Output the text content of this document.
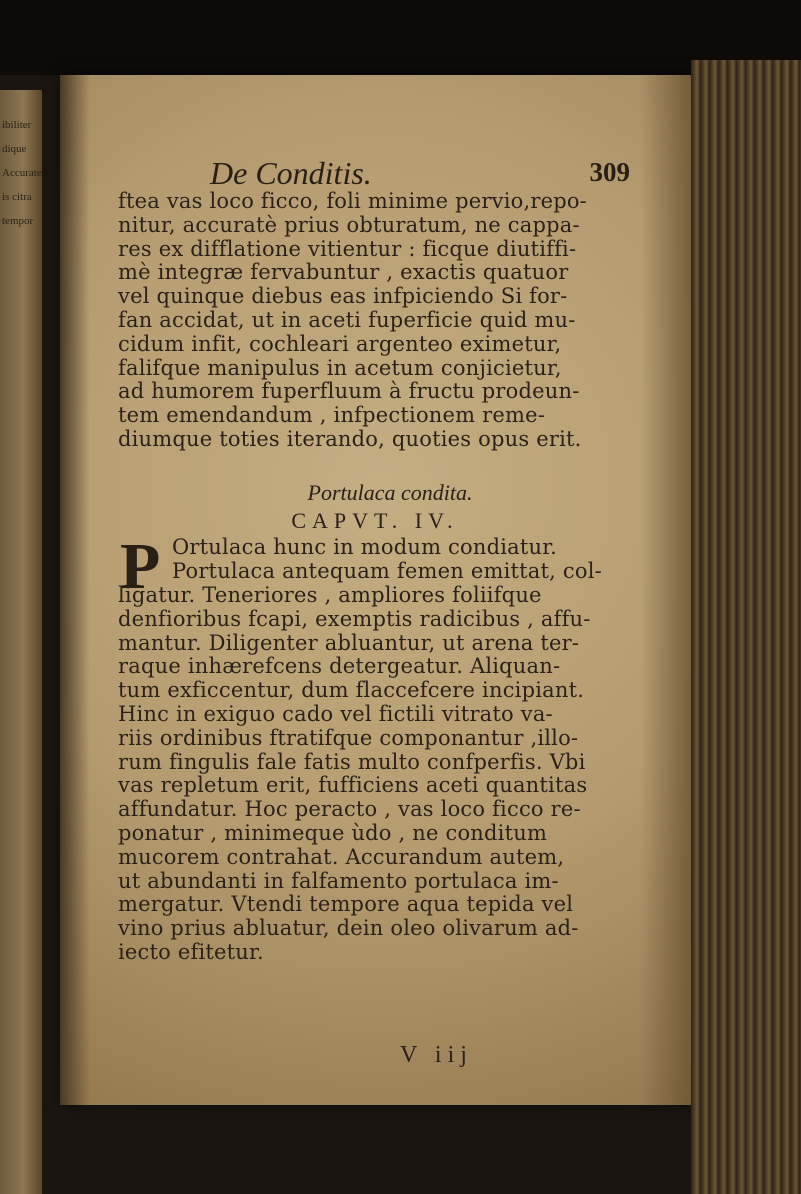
ibiliter
dique
Accurate
is citra
tempor
De Conditis.	309
ftea vas loco ficco, foli minime pervio,repo-
nitur, accuratè prius obturatum, ne cappa-
res ex difflatione vitientur : ficque diutiffi-
mè integræ fervabuntur , exactis quatuor
vel quinque diebus eas infpiciendo Si for-
fan accidat, ut in aceti fuperficie quid mu-
cidum infit, cochleari argenteo eximetur,
falifque manipulus in acetum conjicietur,
ad humorem fuperfluum à fructu prodeun-
tem emendandum , infpectionem reme-
diumque toties iterando, quoties opus erit.
Portulaca condita.
CAPVT. IV.
P Ortulaca hunc in modum condiatur.
Portulaca antequam femen emittat, col-
ligatur. Teneriores , ampliores foliifque
denfioribus fcapi, exemptis radicibus , affu-
mantur. Diligenter abluantur, ut arena ter-
raque inhærefcens detergeatur. Aliquan-
tum exficcentur, dum flaccefcere incipiant.
Hinc in exiguo cado vel fictili vitrato va-
riis ordinibus ftratifque componantur ,illo-
rum fingulis fale fatis multo confperfis. Vbi
vas repletum erit, fufficiens aceti quantitas
affundatur. Hoc peracto , vas loco ficco re-
ponatur , minimeque ùdo , ne conditum
mucorem contrahat. Accurandum autem,
ut abundanti in falfamento portulaca im-
mergatur. Vtendi tempore aqua tepida vel
vino prius abluatur, dein oleo olivarum ad-
iecto efitetur.
V iij
